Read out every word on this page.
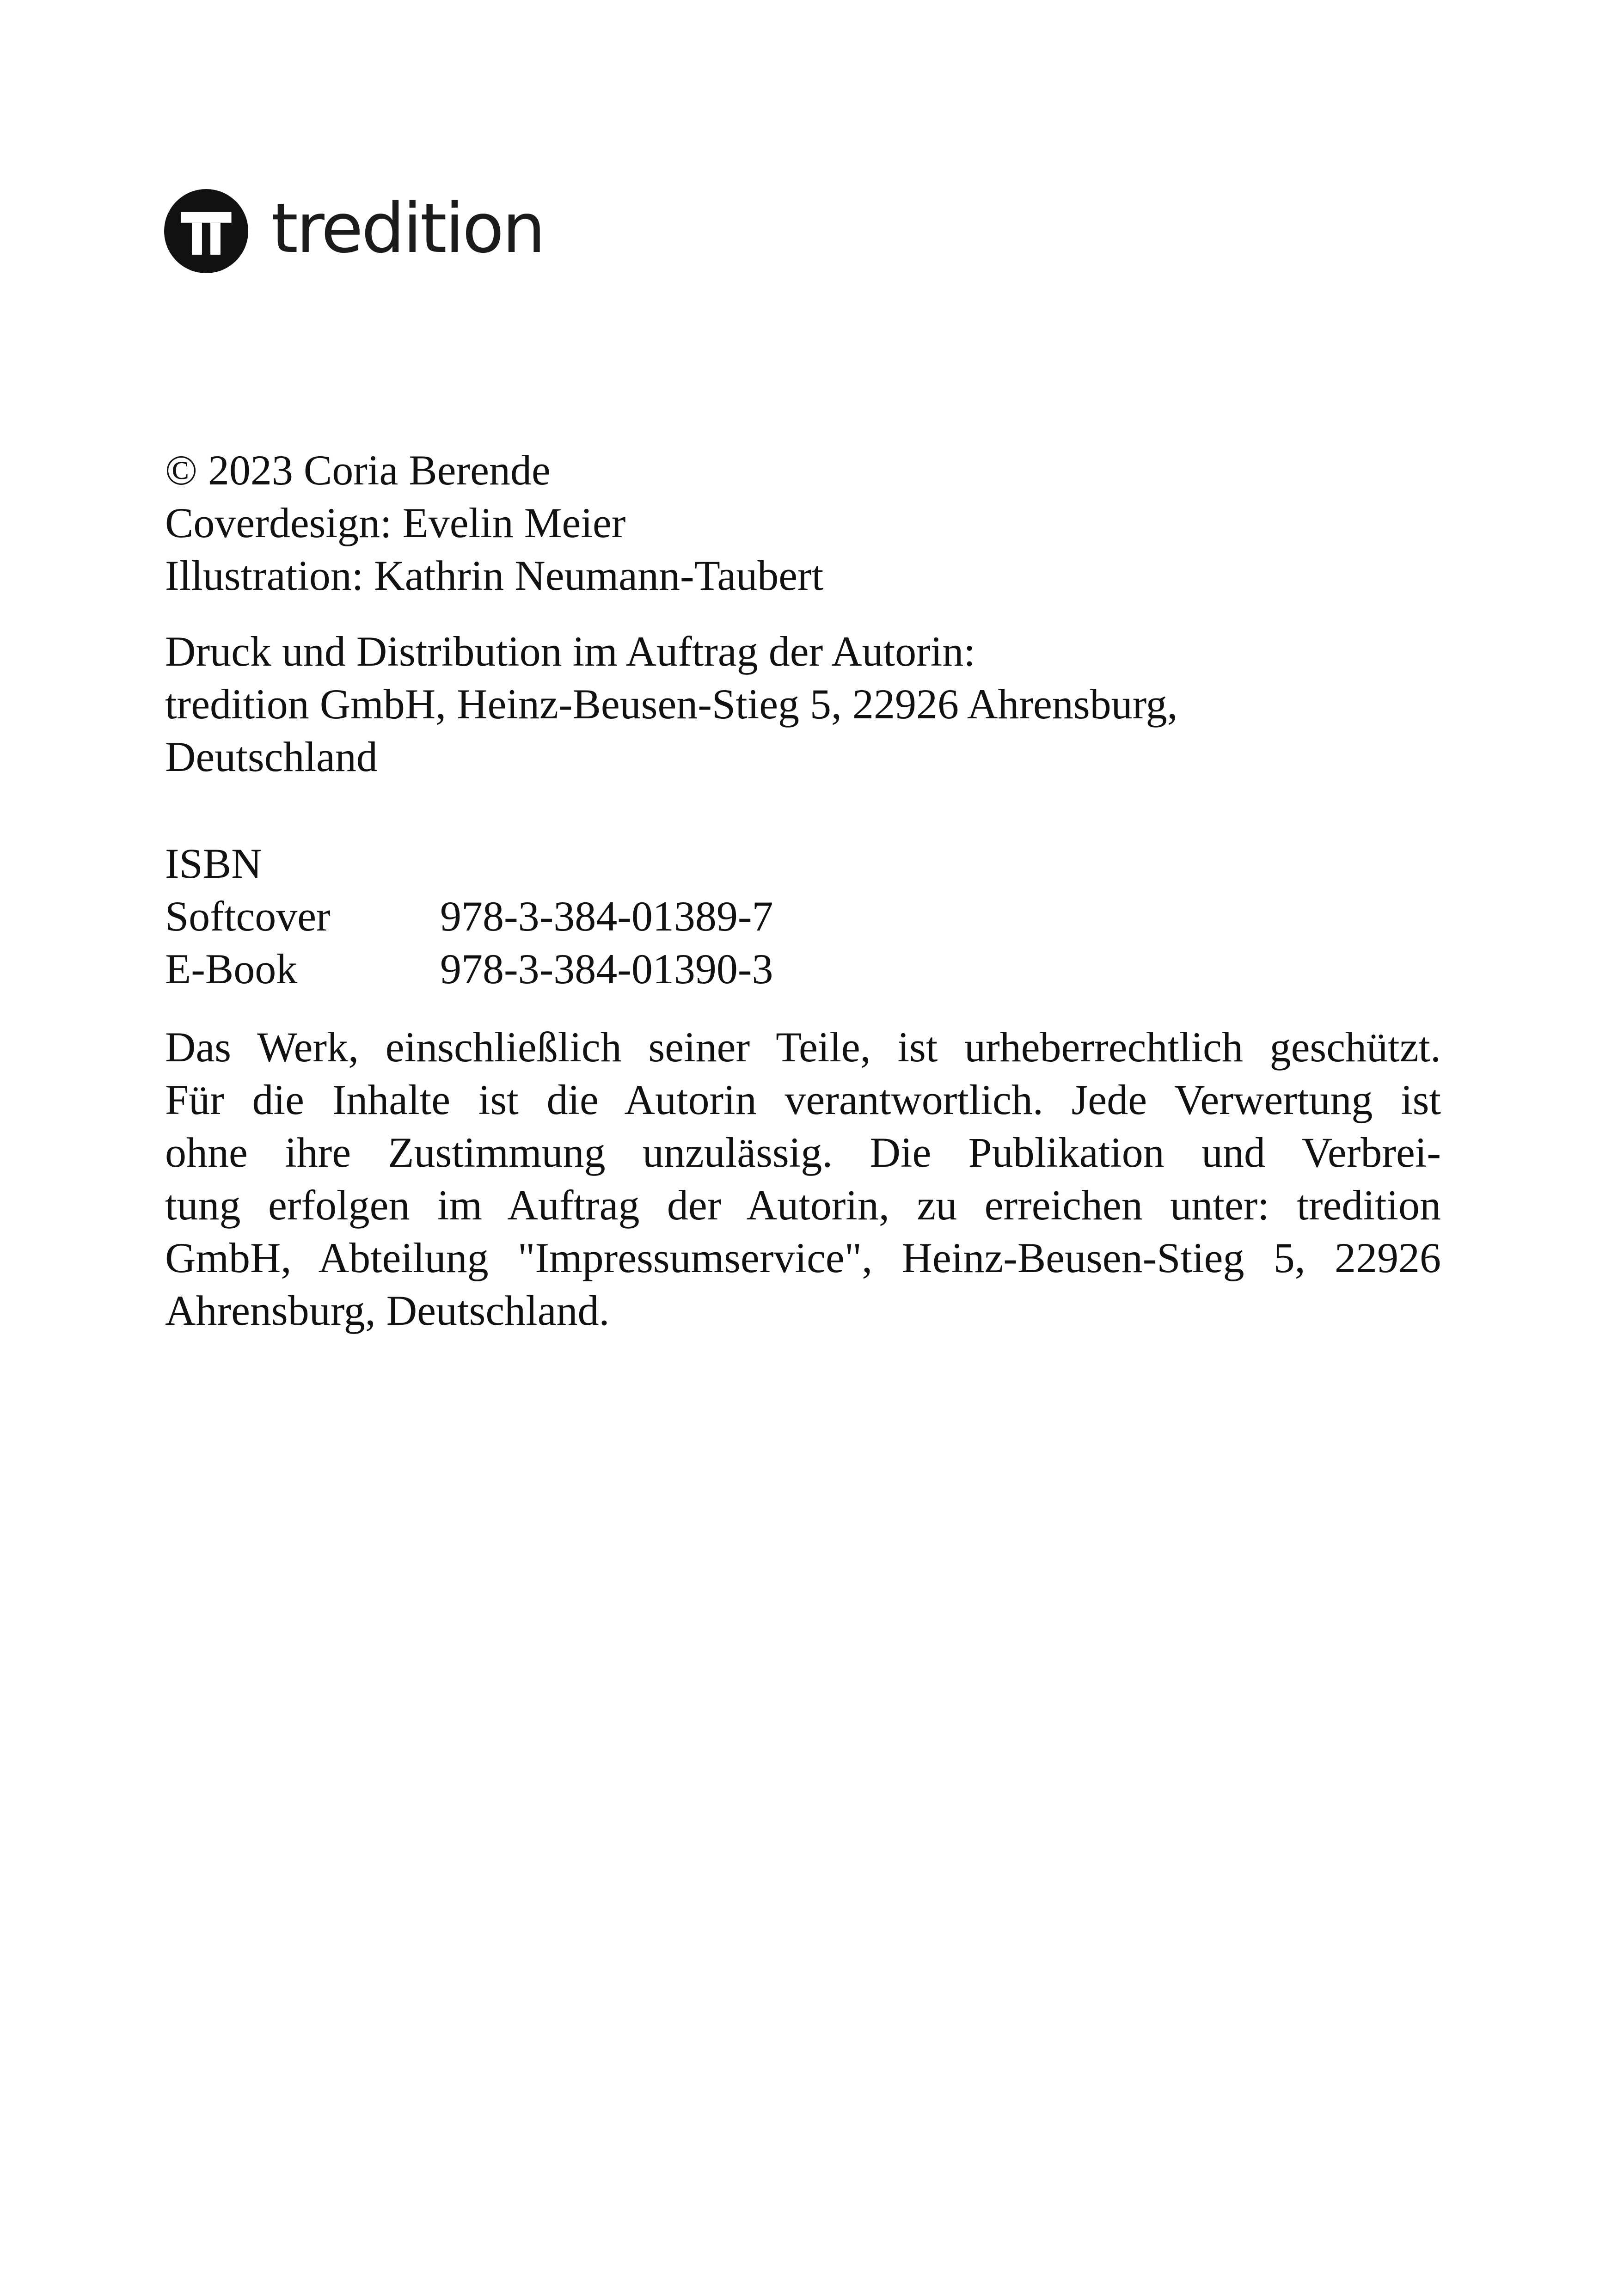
tredition
© 2023 Coria Berende
Coverdesign: Evelin Meier
Illustration: Kathrin Neumann-Taubert
Druck und Distribution im Auftrag der Autorin:
tredition GmbH, Heinz-Beusen-Stieg 5, 22926 Ahrensburg,
Deutschland
ISBN
Softcover	978-3-384-01389-7
E-Book	978-3-384-01390-3
Das Werk, einschließlich seiner Teile, ist urheberrechtlich geschützt.
Für die Inhalte ist die Autorin verantwortlich. Jede Verwertung ist
ohne ihre Zustimmung unzulässig. Die Publikation und Verbrei-
tung erfolgen im Auftrag der Autorin, zu erreichen unter: tredition
GmbH, Abteilung "Impressumservice", Heinz-Beusen-Stieg 5, 22926
Ahrensburg, Deutschland.
